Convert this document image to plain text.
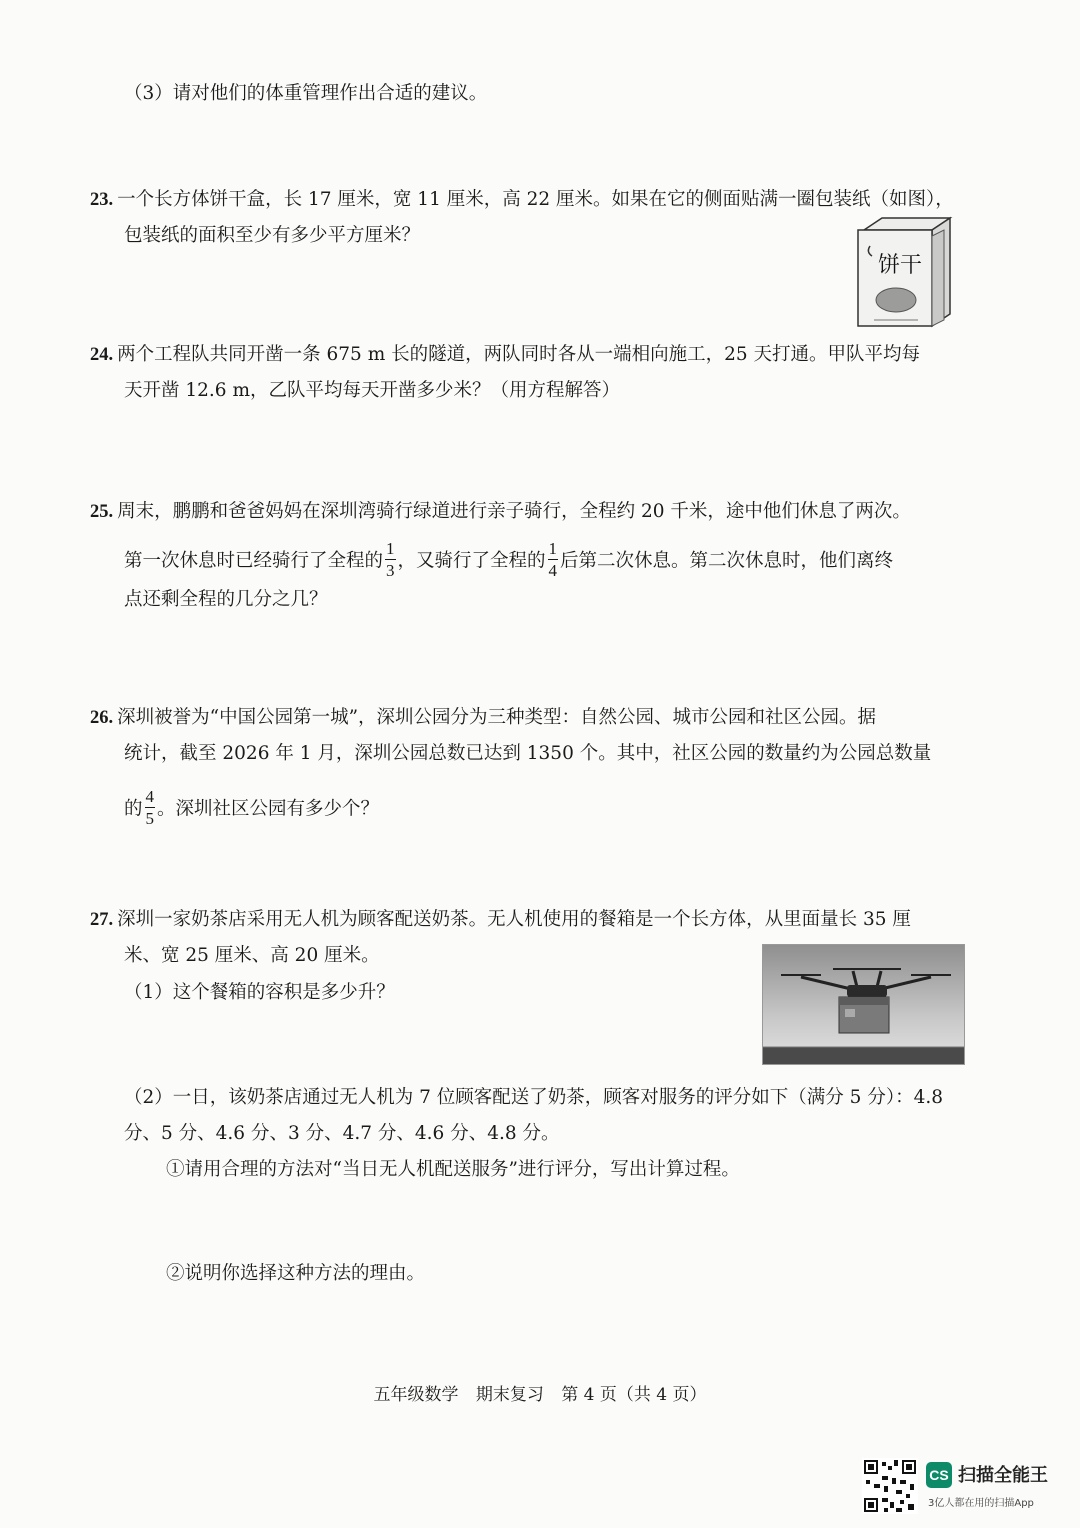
（3）请对他们的体重管理作出合适的建议。
23. 一个长方体饼干盒，长 17 厘米，宽 11 厘米，高 22 厘米。如果在它的侧面贴满一圈包装纸（如图），
包装纸的面积至少有多少平方厘米？
饼干
24. 两个工程队共同开凿一条 675 m 长的隧道，两队同时各从一端相向施工，25 天打通。甲队平均每
天开凿 12.6 m，乙队平均每天开凿多少米？（用方程解答）
25. 周末，鹏鹏和爸爸妈妈在深圳湾骑行绿道进行亲子骑行，全程约 20 千米，途中他们休息了两次。
第一次休息时已经骑行了全程的 $\frac{1}{3}$ ，又骑行了全程的 $\frac{1}{4}$ 后第二次休息。第二次休息时，他们离终
点还剩全程的几分之几？
26. 深圳被誉为“中国公园第一城”，深圳公园分为三种类型：自然公园、城市公园和社区公园。据
统计，截至 2026 年 1 月，深圳公园总数已达到 1350 个。其中，社区公园的数量约为公园总数量
的 $\frac{4}{5}$ 。深圳社区公园有多少个？
27. 深圳一家奶茶店采用无人机为顾客配送奶茶。无人机使用的餐箱是一个长方体，从里面量长 35 厘
米、宽 25 厘米、高 20 厘米。
（1）这个餐箱的容积是多少升？
（2）一日，该奶茶店通过无人机为 7 位顾客配送了奶茶，顾客对服务的评分如下（满分 5 分）：4.8
分、5 分、4.6 分、3 分、4.7 分、4.6 分、4.8 分。
①请用合理的方法对“当日无人机配送服务”进行评分，写出计算过程。
②说明你选择这种方法的理由。
五年级数学 期末复习 第 4 页（共 4 页）
CS 扫描全能王
3亿人都在用的扫描App
